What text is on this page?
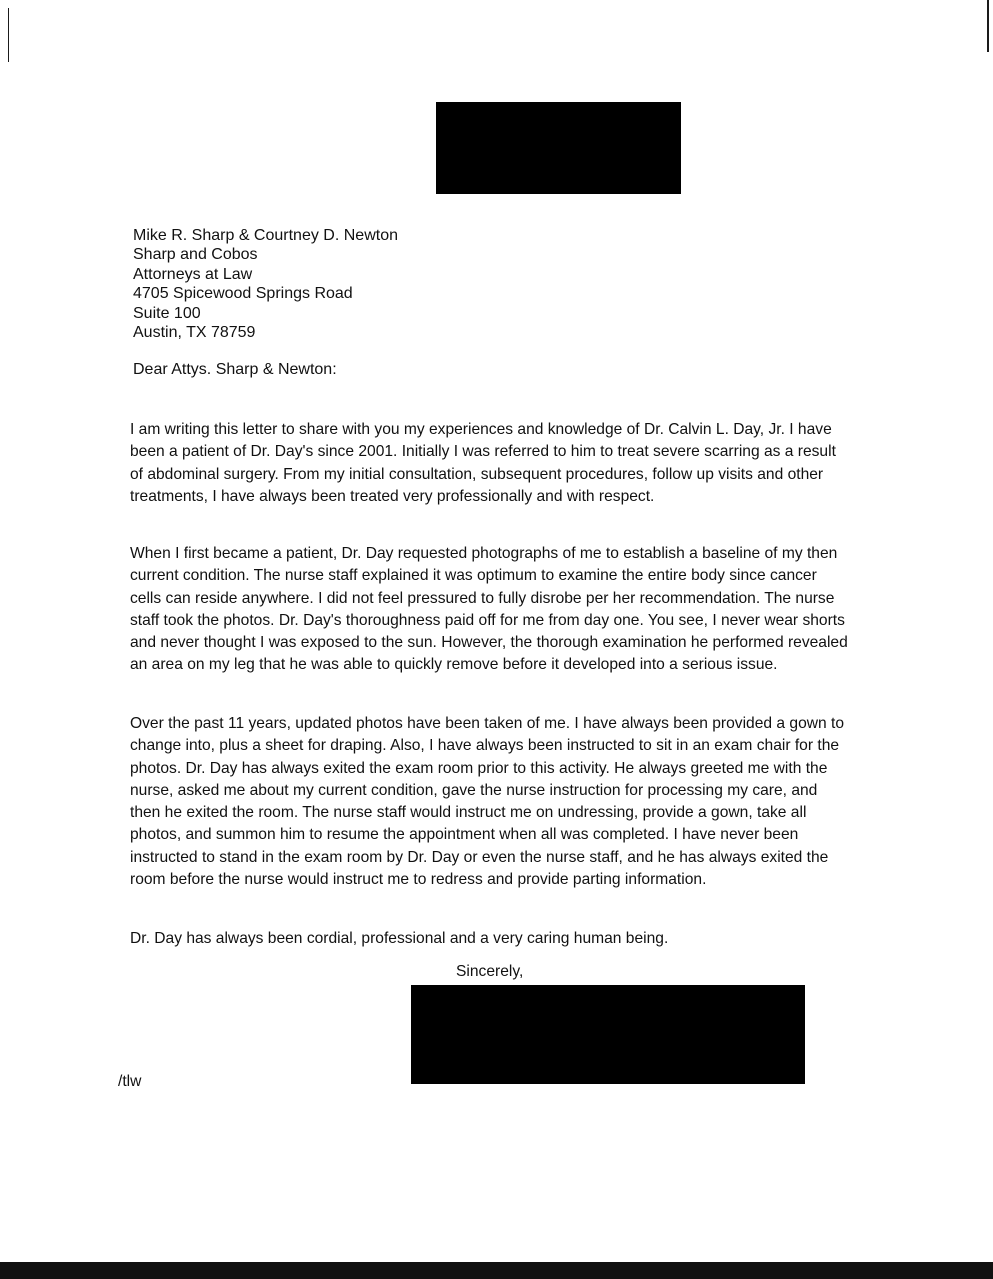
Mike R. Sharp & Courtney D. Newton
Sharp and Cobos
Attorneys at Law
4705 Spicewood Springs Road
Suite 100
Austin, TX 78759
Dear Attys. Sharp & Newton:

I am writing this letter to share with you my experiences and knowledge of Dr. Calvin L. Day, Jr. I have been a patient of Dr. Day's since 2001. Initially I was referred to him to treat severe scarring as a result of abdominal surgery. From my initial consultation, subsequent procedures, follow up visits and other treatments, I have always been treated very professionally and with respect.

When I first became a patient, Dr. Day requested photographs of me to establish a baseline of my then current condition. The nurse staff explained it was optimum to examine the entire body since cancer cells can reside anywhere. I did not feel pressured to fully disrobe per her recommendation. The nurse staff took the photos. Dr. Day's thoroughness paid off for me from day one. You see, I never wear shorts and never thought I was exposed to the sun. However, the thorough examination he performed revealed an area on my leg that he was able to quickly remove before it developed into a serious issue.

Over the past 11 years, updated photos have been taken of me. I have always been provided a gown to change into, plus a sheet for draping. Also, I have always been instructed to sit in an exam chair for the photos. Dr. Day has always exited the exam room prior to this activity. He always greeted me with the nurse, asked me about my current condition, gave the nurse instruction for processing my care, and then he exited the room. The nurse staff would instruct me on undressing, provide a gown, take all photos, and summon him to resume the appointment when all was completed. I have never been instructed to stand in the exam room by Dr. Day or even the nurse staff, and he has always exited the room before the nurse would instruct me to redress and provide parting information.

Dr. Day has always been cordial, professional and a very caring human being.

Sincerely,
/tlw
